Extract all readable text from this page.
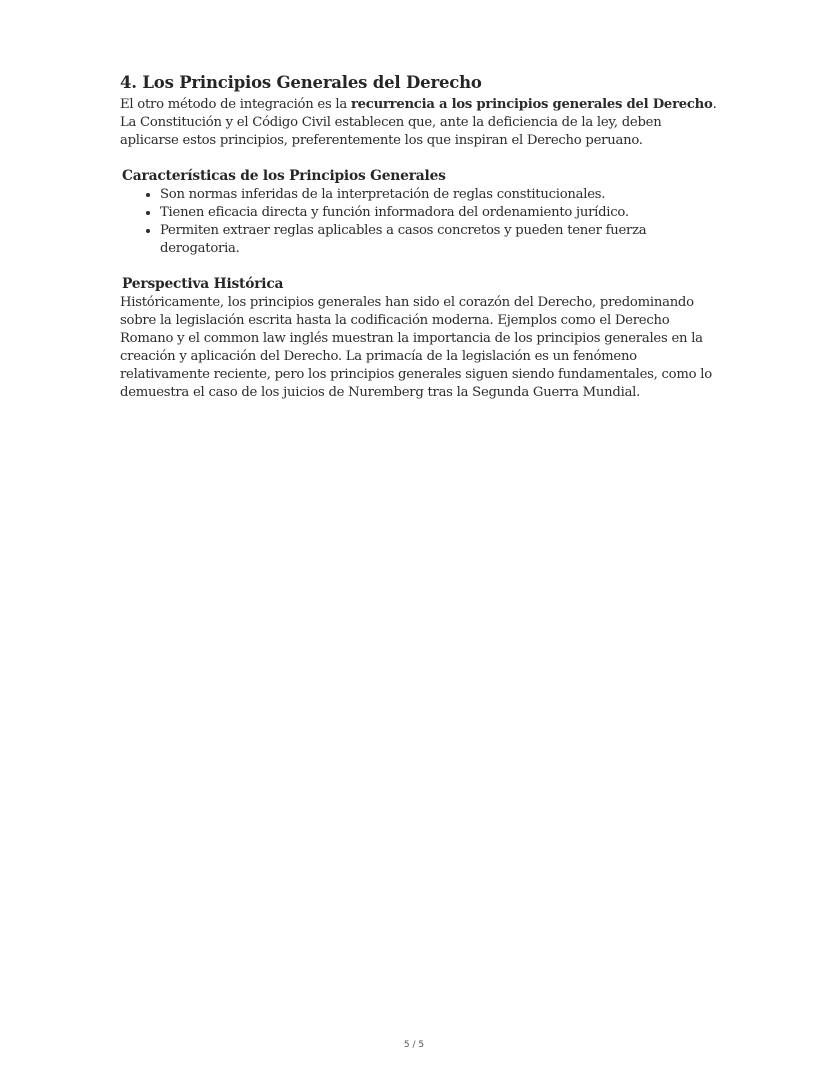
4. Los Principios Generales del Derecho

El otro método de integración es la recurrencia a los principios generales del Derecho. La Constitución y el Código Civil establecen que, ante la deficiencia de la ley, deben aplicarse estos principios, preferentemente los que inspiran el Derecho peruano.

Características de los Principios Generales
• Son normas inferidas de la interpretación de reglas constitucionales.
• Tienen eficacia directa y función informadora del ordenamiento jurídico.
• Permiten extraer reglas aplicables a casos concretos y pueden tener fuerza derogatoria.
Perspectiva Histórica

Históricamente, los principios generales han sido el corazón del Derecho, predominando sobre la legislación escrita hasta la codificación moderna. Ejemplos como el Derecho Romano y el common law inglés muestran la importancia de los principios generales en la creación y aplicación del Derecho. La primacía de la legislación es un fenómeno relativamente reciente, pero los principios generales siguen siendo fundamentales, como lo demuestra el caso de los juicios de Nuremberg tras la Segunda Guerra Mundial.

5 / 5
